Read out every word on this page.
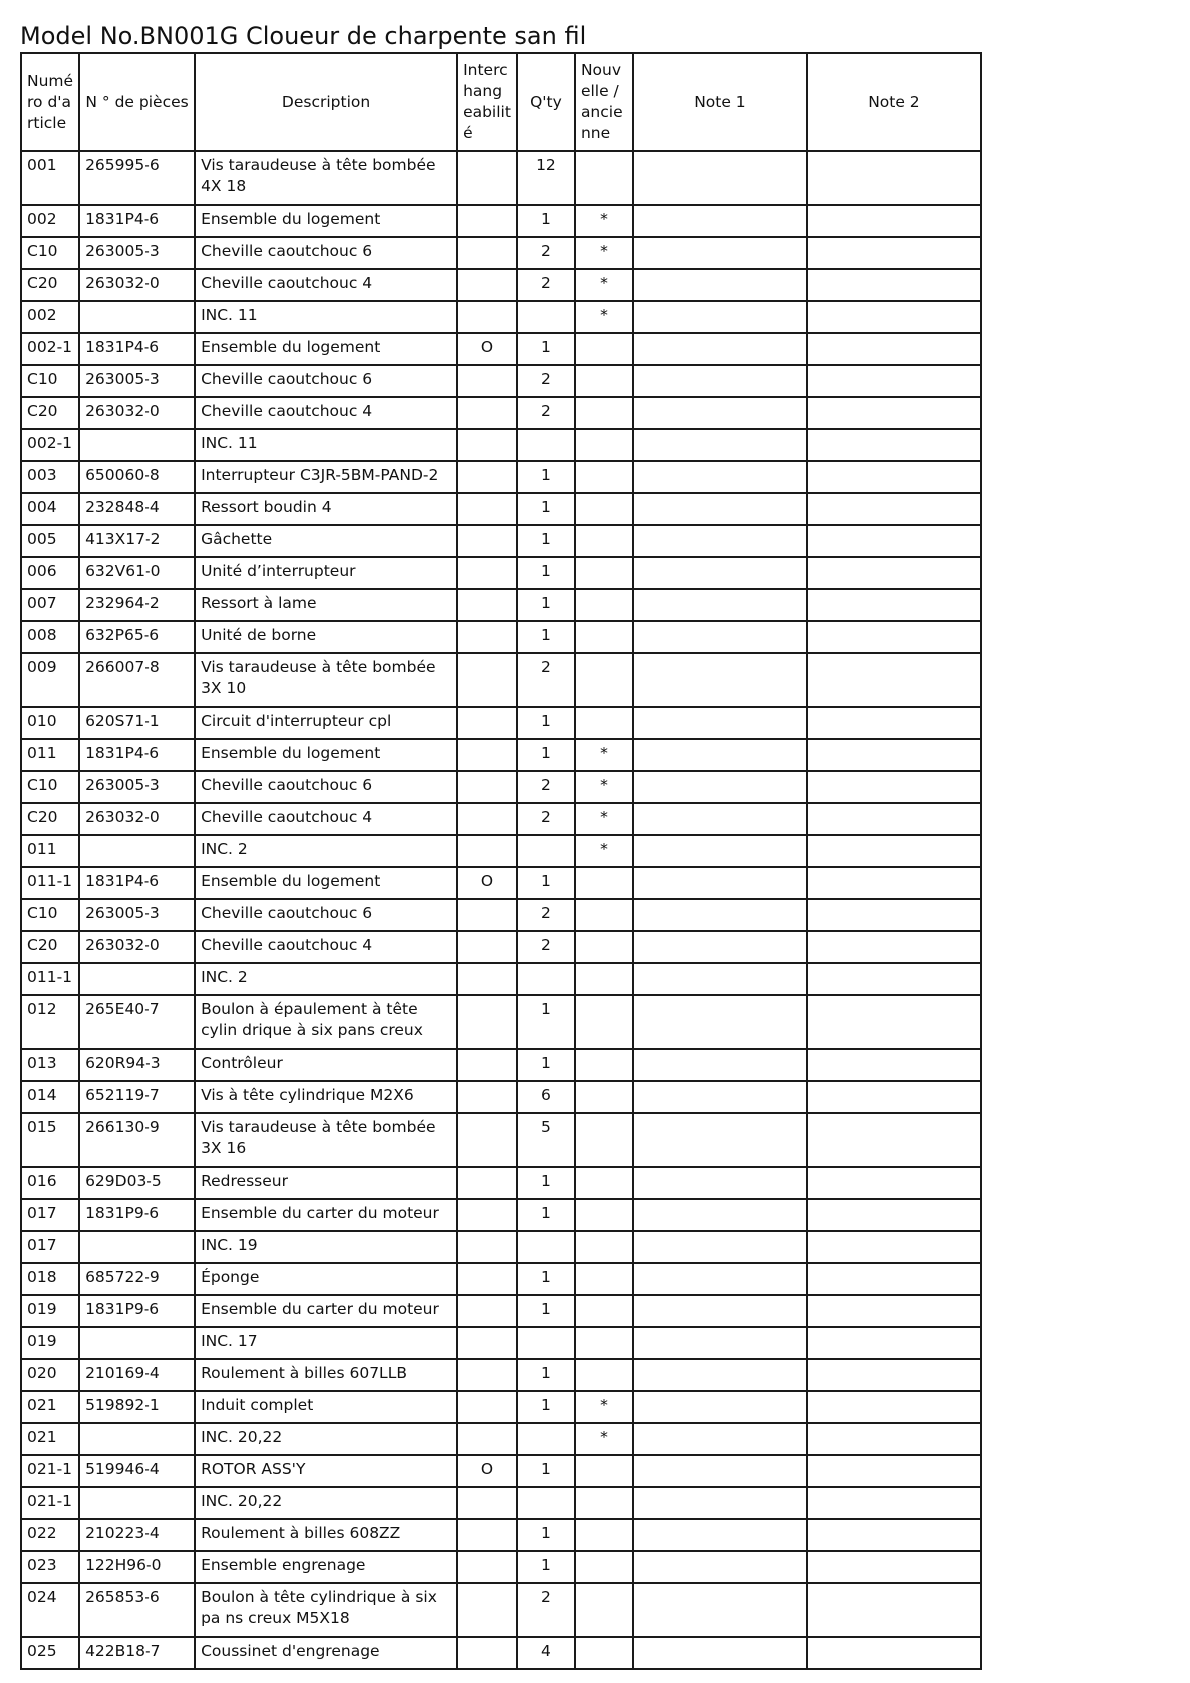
Model No.BN001G Cloueur de charpente san fil
Numé ro d'a rticle	N ° de pièces	Description	Interc hang eabilit é	Q'ty	Nouv elle / ancie nne	Note 1	Note 2
001	265995-6	Vis taraudeuse à tête bombée 4X 18		12			
002	1831P4-6	Ensemble du logement		1	*		
C10	263005-3	Cheville caoutchouc 6		2	*		
C20	263032-0	Cheville caoutchouc 4		2	*		
002		INC. 11			*		
002-1	1831P4-6	Ensemble du logement	O	1			
C10	263005-3	Cheville caoutchouc 6		2			
C20	263032-0	Cheville caoutchouc 4		2			
002-1		INC. 11					
003	650060-8	Interrupteur C3JR-5BM-PAND-2		1			
004	232848-4	Ressort boudin 4		1			
005	413X17-2	Gâchette		1			
006	632V61-0	Unité d’interrupteur		1			
007	232964-2	Ressort à lame		1			
008	632P65-6	Unité de borne		1			
009	266007-8	Vis taraudeuse à tête bombée 3X 10		2			
010	620S71-1	Circuit d'interrupteur cpl		1			
011	1831P4-6	Ensemble du logement		1	*		
C10	263005-3	Cheville caoutchouc 6		2	*		
C20	263032-0	Cheville caoutchouc 4		2	*		
011		INC. 2			*		
011-1	1831P4-6	Ensemble du logement	O	1			
C10	263005-3	Cheville caoutchouc 6		2			
C20	263032-0	Cheville caoutchouc 4		2			
011-1		INC. 2					
012	265E40-7	Boulon à épaulement à tête cylin drique à six pans creux		1			
013	620R94-3	Contrôleur		1			
014	652119-7	Vis à tête cylindrique M2X6		6			
015	266130-9	Vis taraudeuse à tête bombée 3X 16		5			
016	629D03-5	Redresseur		1			
017	1831P9-6	Ensemble du carter du moteur		1			
017		INC. 19					
018	685722-9	Éponge		1			
019	1831P9-6	Ensemble du carter du moteur		1			
019		INC. 17					
020	210169-4	Roulement à billes 607LLB		1			
021	519892-1	Induit complet		1	*		
021		INC. 20,22			*		
021-1	519946-4	ROTOR ASS'Y	O	1			
021-1		INC. 20,22					
022	210223-4	Roulement à billes 608ZZ		1			
023	122H96-0	Ensemble engrenage		1			
024	265853-6	Boulon à tête cylindrique à six pa ns creux M5X18		2			
025	422B18-7	Coussinet d'engrenage		4			
